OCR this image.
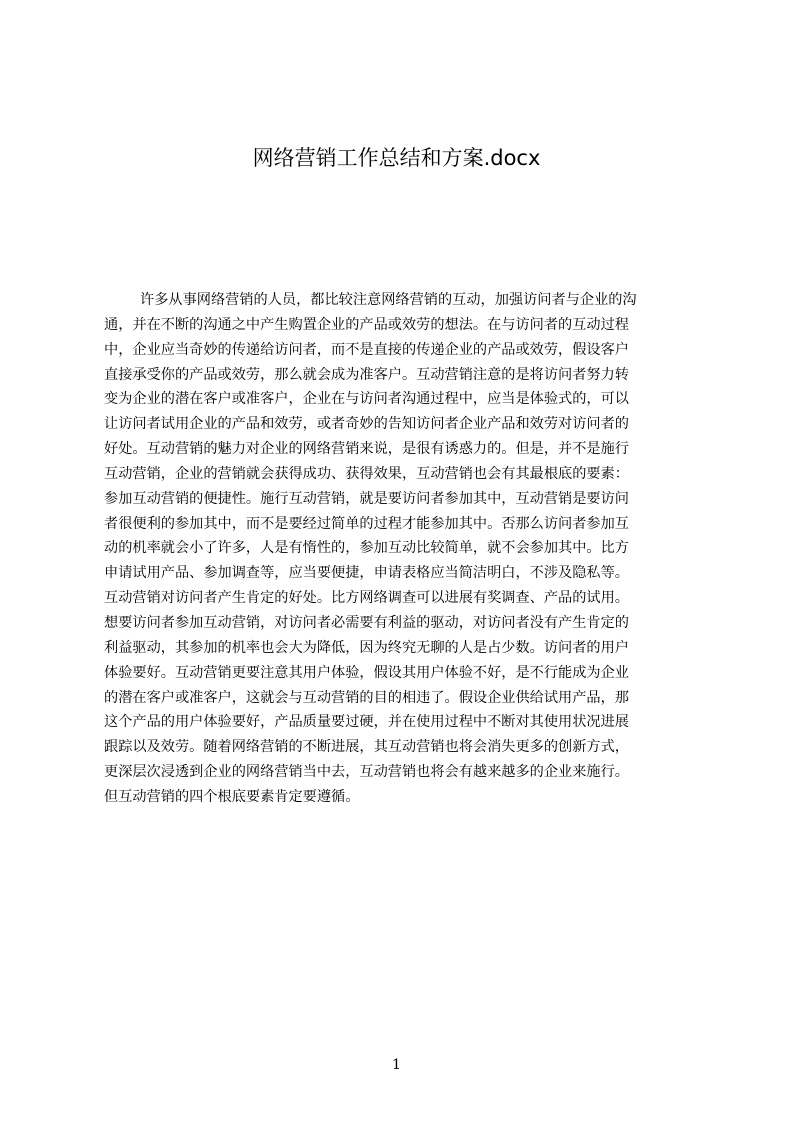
网络营销工作总结和方案.docx
许多从事网络营销的人员，都比较注意网络营销的互动，加强访问者与企业的沟
通，并在不断的沟通之中产生购置企业的产品或效劳的想法。在与访问者的互动过程
中，企业应当奇妙的传递给访问者，而不是直接的传递企业的产品或效劳，假设客户
直接承受你的产品或效劳，那么就会成为准客户。互动营销注意的是将访问者努力转
变为企业的潜在客户或准客户，企业在与访问者沟通过程中，应当是体验式的，可以
让访问者试用企业的产品和效劳，或者奇妙的告知访问者企业产品和效劳对访问者的
好处。互动营销的魅力对企业的网络营销来说，是很有诱惑力的。但是，并不是施行
互动营销，企业的营销就会获得成功、获得效果，互动营销也会有其最根底的要素：
参加互动营销的便捷性。施行互动营销，就是要访问者参加其中，互动营销是要访问
者很便利的参加其中，而不是要经过简单的过程才能参加其中。否那么访问者参加互
动的机率就会小了许多，人是有惰性的，参加互动比较简单，就不会参加其中。比方
申请试用产品、参加调查等，应当要便捷，申请表格应当简洁明白，不涉及隐私等。
互动营销对访问者产生肯定的好处。比方网络调查可以进展有奖调查、产品的试用。
想要访问者参加互动营销，对访问者必需要有利益的驱动，对访问者没有产生肯定的
利益驱动，其参加的机率也会大为降低，因为终究无聊的人是占少数。访问者的用户
体验要好。互动营销更要注意其用户体验，假设其用户体验不好，是不行能成为企业
的潜在客户或准客户，这就会与互动营销的目的相违了。假设企业供给试用产品，那
这个产品的用户体验要好，产品质量要过硬，并在使用过程中不断对其使用状况进展
跟踪以及效劳。随着网络营销的不断进展，其互动营销也将会消失更多的创新方式，
更深层次浸透到企业的网络营销当中去，互动营销也将会有越来越多的企业来施行。
但互动营销的四个根底要素肯定要遵循。
1
